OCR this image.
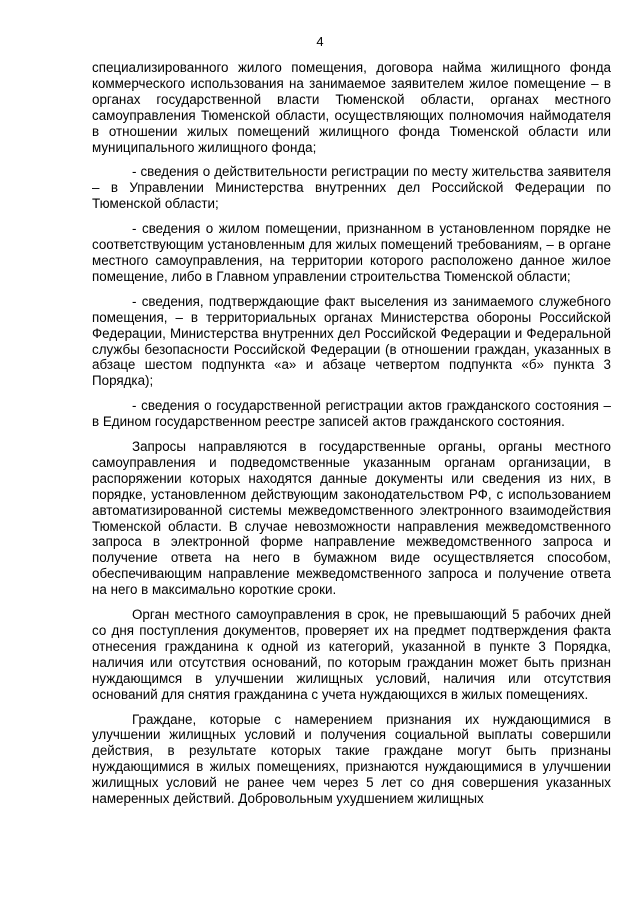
4

специализированного жилого помещения, договора найма жилищного фонда коммерческого использования на занимаемое заявителем жилое помещение – в органах государственной власти Тюменской области, органах местного самоуправления Тюменской области, осуществляющих полномочия наймодателя в отношении жилых помещений жилищного фонда Тюменской области или муниципального жилищного фонда;

- сведения о действительности регистрации по месту жительства заявителя – в Управлении Министерства внутренних дел Российской Федерации по Тюменской области;

- сведения о жилом помещении, признанном в установленном порядке не соответствующим установленным для жилых помещений требованиям, – в органе местного самоуправления, на территории которого расположено данное жилое помещение, либо в Главном управлении строительства Тюменской области;

- сведения, подтверждающие факт выселения из занимаемого служебного помещения, – в территориальных органах Министерства обороны Российской Федерации, Министерства внутренних дел Российской Федерации и Федеральной службы безопасности Российской Федерации (в отношении граждан, указанных в абзаце шестом подпункта «а» и абзаце четвертом подпункта «б» пункта 3 Порядка);

- сведения о государственной регистрации актов гражданского состояния – в Едином государственном реестре записей актов гражданского состояния.

Запросы направляются в государственные органы, органы местного самоуправления и подведомственные указанным органам организации, в распоряжении которых находятся данные документы или сведения из них, в порядке, установленном действующим законодательством РФ, с использованием автоматизированной системы межведомственного электронного взаимодействия Тюменской области. В случае невозможности направления межведомственного запроса в электронной форме направление межведомственного запроса и получение ответа на него в бумажном виде осуществляется способом, обеспечивающим направление межведомственного запроса и получение ответа на него в максимально короткие сроки.

Орган местного самоуправления в срок, не превышающий 5 рабочих дней со дня поступления документов, проверяет их на предмет подтверждения факта отнесения гражданина к одной из категорий, указанной в пункте 3 Порядка, наличия или отсутствия оснований, по которым гражданин может быть признан нуждающимся в улучшении жилищных условий, наличия или отсутствия оснований для снятия гражданина с учета нуждающихся в жилых помещениях.

Граждане, которые с намерением признания их нуждающимися в улучшении жилищных условий и получения социальной выплаты совершили действия, в результате которых такие граждане могут быть признаны нуждающимися в жилых помещениях, признаются нуждающимися в улучшении жилищных условий не ранее чем через 5 лет со дня совершения указанных намеренных действий. Добровольным ухудшением жилищных
